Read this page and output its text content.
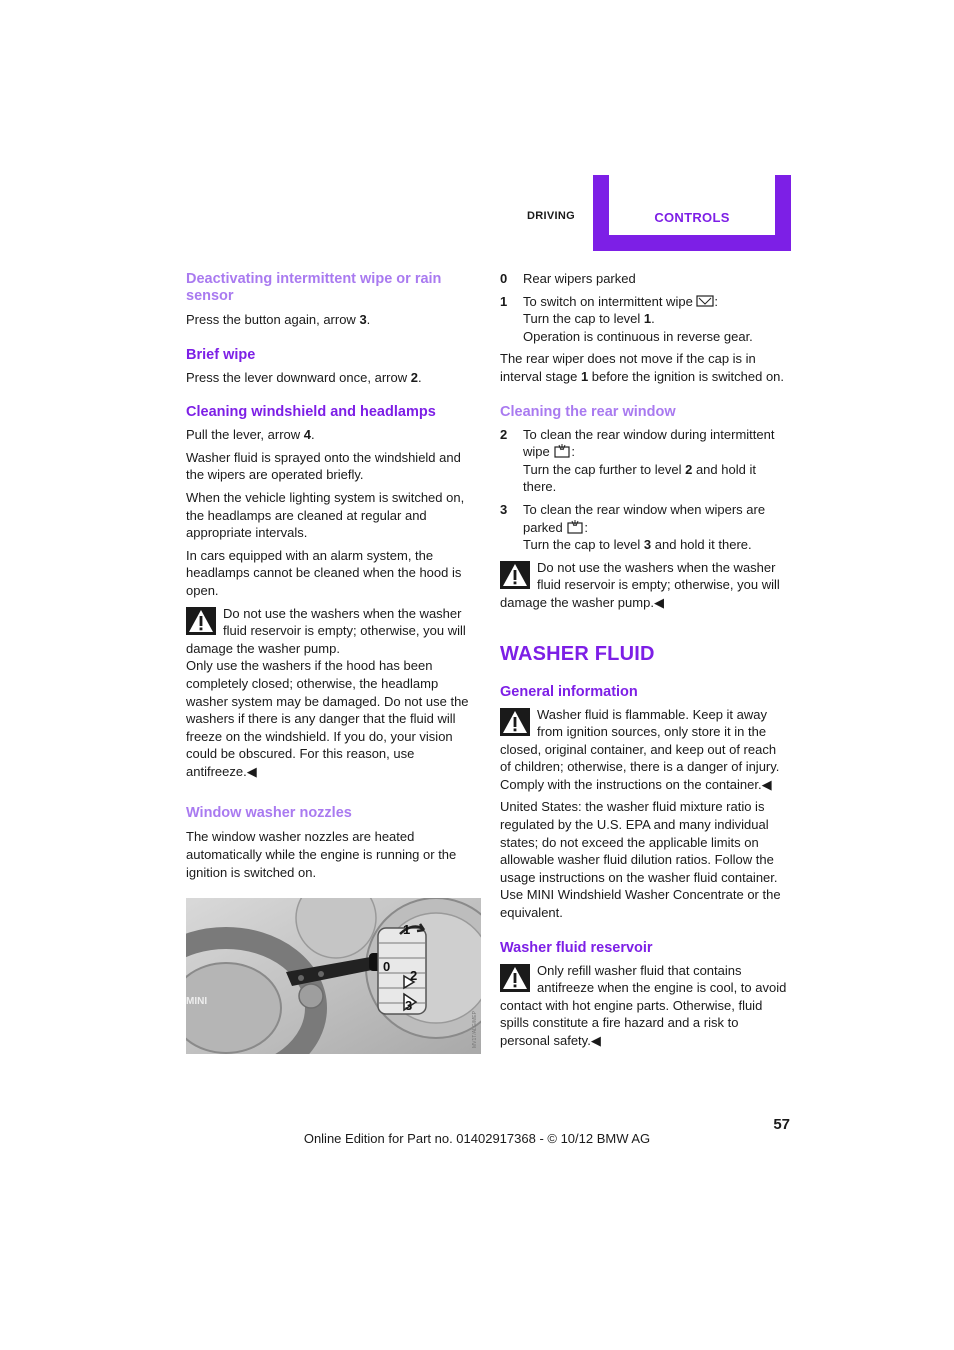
DRIVING	CONTROLS
Deactivating intermittent wipe or rain sensor

Press the button again, arrow 3.

Brief wipe

Press the lever downward once, arrow 2.

Cleaning windshield and headlamps

Pull the lever, arrow 4.

Washer fluid is sprayed onto the windshield and the wipers are operated briefly.

When the vehicle lighting system is switched on, the headlamps are cleaned at regular and appropriate intervals.

In cars equipped with an alarm system, the headlamps cannot be cleaned when the hood is open.

Do not use the washers when the washer fluid reservoir is empty; otherwise, you will damage the washer pump.

Only use the washers if the hood has been completely closed; otherwise, the headlamp washer system may be damaged. Do not use the washers if there is any danger that the fluid will freeze on the windshield. If you do, your vision could be obscured. For this reason, use antifreeze.◀

Window washer nozzles

The window washer nozzles are heated automatically while the engine is running or the ignition is switched on.

1
0
2
3
MINI
MV1T/ALG/MEP
0	Rear wipers parked
1	To switch on intermittent wipe :
Turn the cap to level 1.
Operation is continuous in reverse gear.

The rear wiper does not move if the cap is in interval stage 1 before the ignition is switched on.

Cleaning the rear window
2	To clean the rear window during intermittent wipe :
Turn the cap further to level 2 and hold it there.
3	To clean the rear window when wipers are parked :
Turn the cap to level 3 and hold it there.

Do not use the washers when the washer fluid reservoir is empty; otherwise, you will damage the washer pump.◀

WASHER FLUID
General information

Washer fluid is flammable. Keep it away from ignition sources, only store it in the closed, original container, and keep out of reach of children; otherwise, there is a danger of injury. Comply with the instructions on the container.◀

United States: the washer fluid mixture ratio is regulated by the U.S. EPA and many individual states; do not exceed the applicable limits on allowable washer fluid dilution ratios. Follow the usage instructions on the washer fluid container. Use MINI Windshield Washer Concentrate or the equivalent.

Washer fluid reservoir

Only refill washer fluid that contains antifreeze when the engine is cool, to avoid contact with hot engine parts. Otherwise, fluid spills constitute a fire hazard and a risk to personal safety.◀

57
Online Edition for Part no. 01402917368 - © 10/12 BMW AG
